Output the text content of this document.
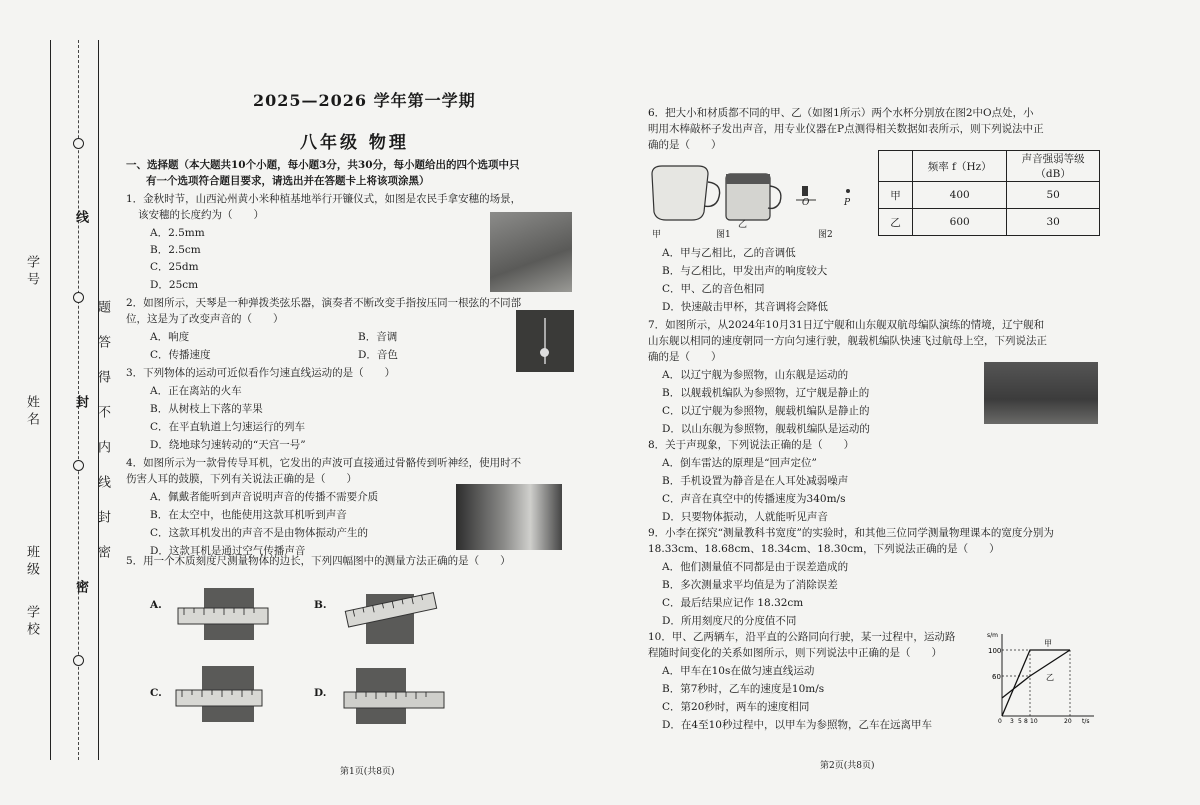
学号
姓名
班级
学校
线
封
密
题
答
得
不
内
线
封
密
2025—2026 学年第一学期
八年级 物理
一、选择题（本大题共10个小题，每小题3分，共30分，每小题给出的四个选项中只
有一个选项符合题目要求，请选出并在答题卡上将该项涂黑）
1．金秋时节，山西沁州黄小米种植基地举行开镰仪式，如图是农民手拿安穗的场景，
该安穗的长度约为（　　）
A．2.5mm
B．2.5cm
C．25dm
D．25cm
2．如图所示，天琴是一种弹拨类弦乐器，演奏者不断改变手指按压同一根弦的不同部
位，这是为了改变声音的（　　）
A．响度	B．音调
C．传播速度	D．音色
3．下列物体的运动可近似看作匀速直线运动的是（　　）
A．正在离站的火车
B．从树枝上下落的苹果
C．在平直轨道上匀速运行的列车
D．绕地球匀速转动的“天宫一号”
4．如图所示为一款骨传导耳机，它发出的声波可直接通过骨骼传到听神经，使用时不
伤害人耳的鼓膜，下列有关说法正确的是（　　）
A．佩戴者能听到声音说明声音的传播不需要介质
B．在太空中，也能使用这款耳机听到声音
C．这款耳机发出的声音不是由物体振动产生的
D．这款耳机是通过空气传播声音
5．用一个木质刻度尺测量物体的边长，下列四幅图中的测量方法正确的是（　　）
A.	B.
C.	D.
第1页(共8页)
6．把大小和材质都不同的甲、乙（如图1所示）两个水杯分别放在图2中O点处，小
明用木棒敲杯子发出声音，用专业仪器在P点测得相关数据如表所示，则下列说法中正
确的是（　　）
甲
乙
O	P
图1	图2
	频率 f（Hz）	声音强弱等级（dB）
甲	400	50
乙	600	30
A．甲与乙相比，乙的音调低
B．与乙相比，甲发出声的响度较大
C．甲、乙的音色相同
D．快速敲击甲杯，其音调将会降低
7．如图所示，从2024年10月31日辽宁舰和山东舰双航母编队演练的情境，辽宁舰和
山东舰以相同的速度朝同一方向匀速行驶，舰载机编队快速飞过航母上空，下列说法正
确的是（　　）
A．以辽宁舰为参照物，山东舰是运动的
B．以舰载机编队为参照物，辽宁舰是静止的
C．以辽宁舰为参照物，舰载机编队是静止的
D．以山东舰为参照物，舰载机编队是运动的
8．关于声现象，下列说法正确的是（　　）
A．倒车雷达的原理是“回声定位”
B．手机设置为静音是在人耳处减弱噪声
C．声音在真空中的传播速度为340m/s
D．只要物体振动，人就能听见声音
9．小李在探究“测量教科书宽度”的实验时，和其他三位同学测量物理课本的宽度分别为
18.33cm、18.68cm、18.34cm、18.30cm，下列说法正确的是（　　）
A．他们测量值不同都是由于误差造成的
B．多次测量求平均值是为了消除误差
C．最后结果应记作 18.32cm
D．所用刻度尺的分度值不同
10．甲、乙两辆车，沿平直的公路同向行驶，某一过程中，运动路
程随时间变化的关系如图所示，则下列说法中正确的是（　　）
A．甲车在10s在做匀速直线运动
B．第7秒时，乙车的速度是10m/s
C．第20秒时，两车的速度相同
D．在4至10秒过程中，以甲车为参照物，乙车在远离甲车
s/m
t/s
100
60
0 3 5 8 10	20
甲
乙
第2页(共8页)
